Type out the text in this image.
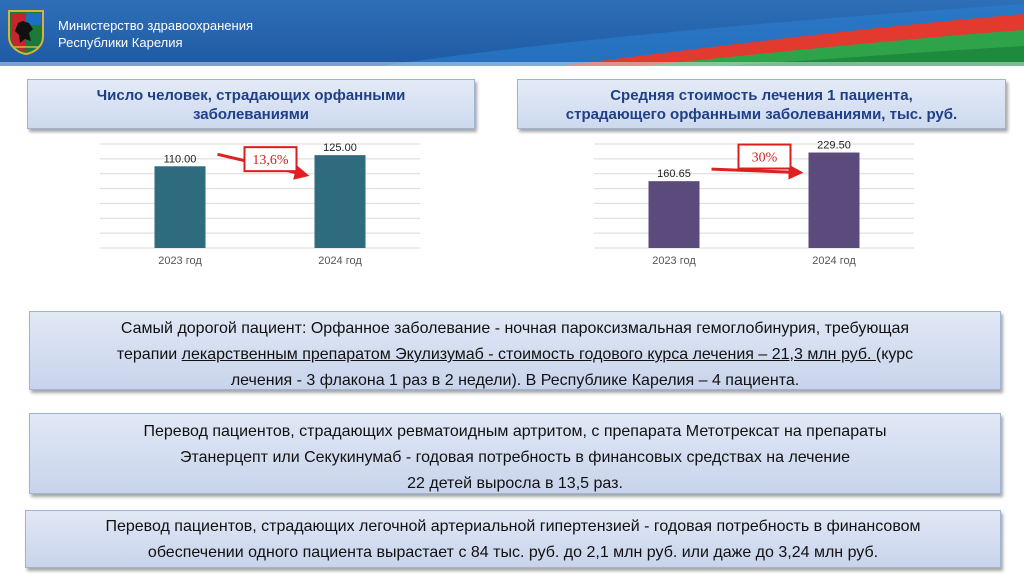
Министерство здравоохранения
Республики Карелия
Число человек, страдающих орфанными
заболеваниями
Средняя стоимость лечения 1 пациента,
страдающего орфанными заболеваниями, тыс. руб.
110.00
2023 год
125.00
2024 год
13,6%
160.65
2023 год
229.50
2024 год
30%
Самый дорогой пациент: Орфанное заболевание - ночная пароксизмальная гемоглобинурия, требующая
терапии лекарственным препаратом Экулизумаб - стоимость годового курса лечения – 21,3 млн руб. (курс
лечения - 3 флакона 1 раз в 2 недели). В Республике Карелия – 4 пациента.
Перевод пациентов, страдающих ревматоидным артритом, с препарата Метотрексат на препараты
Этанерцепт или Секукинумаб - годовая потребность в финансовых средствах на лечение
22 детей выросла в 13,5 раз.
Перевод пациентов, страдающих легочной артериальной гипертензией - годовая потребность в финансовом
обеспечении одного пациента вырастает с 84 тыс. руб. до 2,1 млн руб. или даже до 3,24 млн руб.
